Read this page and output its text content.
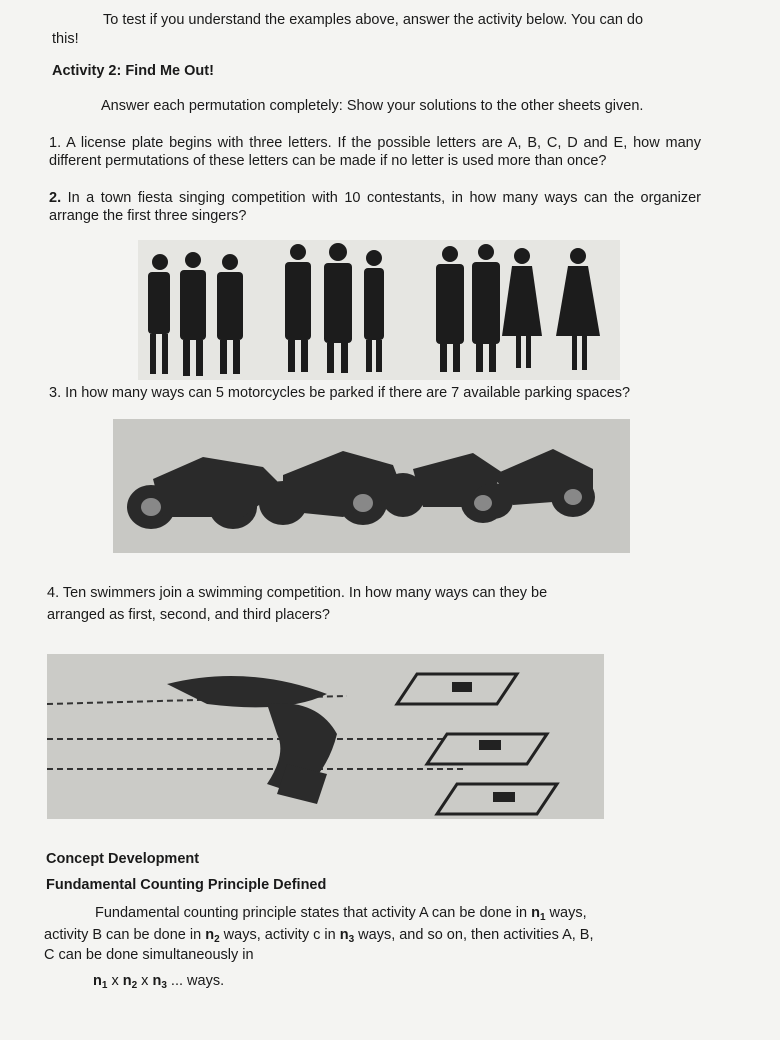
To test if you understand the examples above, answer the activity below. You can do
this!
Activity 2: Find Me Out!
Answer each permutation completely: Show your solutions to the other sheets given.
1. A license plate begins with three letters. If the possible letters are A, B, C, D and E, how many different permutations of these letters can be made if no letter is used more than once?
2. In a town fiesta singing competition with 10 contestants, in how many ways can the organizer arrange the first three singers?
3. In how many ways can 5 motorcycles be parked if there are 7 available parking spaces?
4. Ten swimmers join a swimming competition. In how many ways can they be
arranged as first, second, and third placers?
Concept Development
Fundamental Counting Principle Defined
Fundamental counting principle states that activity A can be done in $n_1$ ways,
activity B can be done in $n_2$ ways, activity c in $n_3$ ways, and so on, then activities A, B,
C can be done simultaneously in
$n_1$ x $n_2$ x $n_3$ ... ways.
